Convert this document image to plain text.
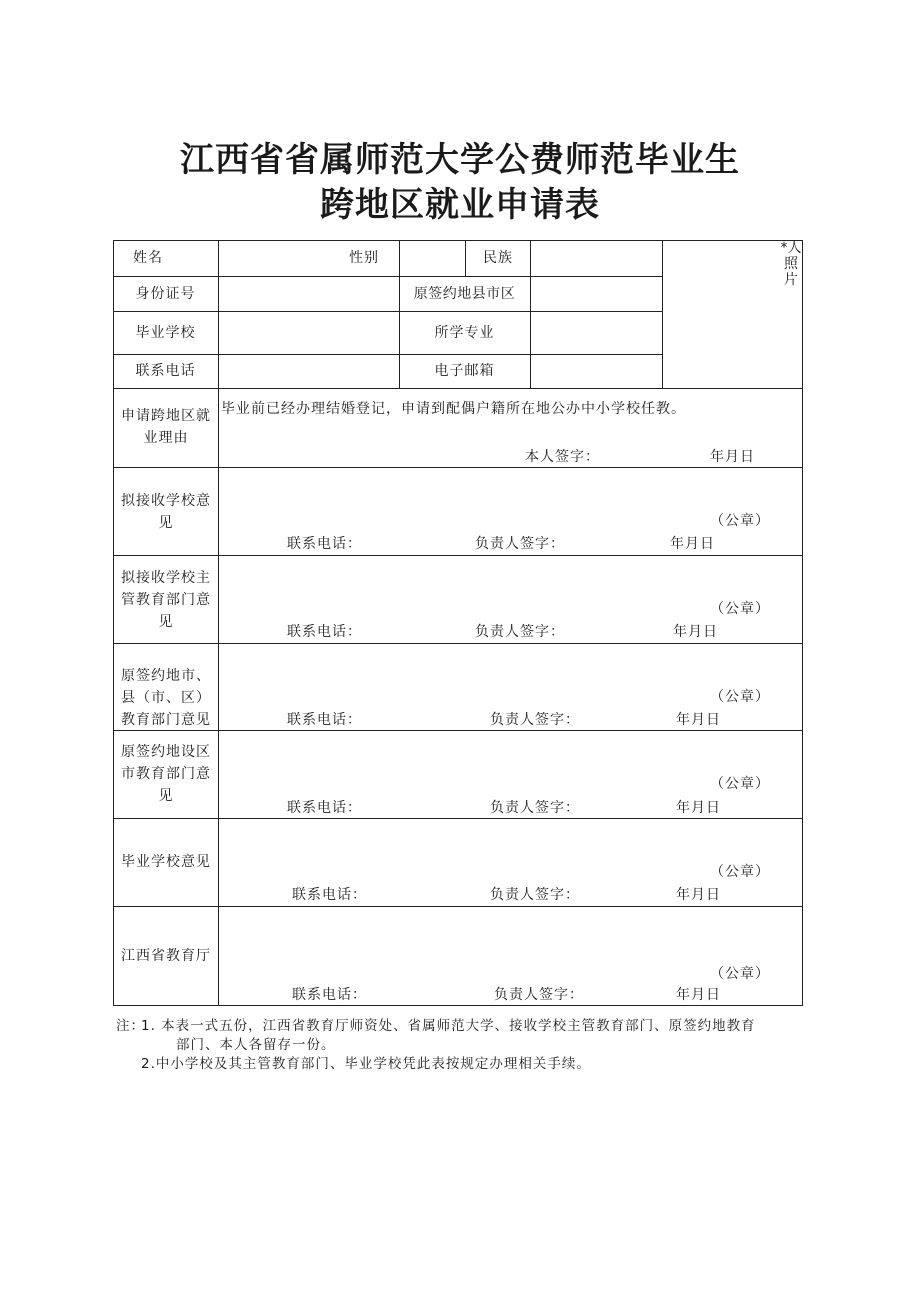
江西省省属师范大学公费师范毕业生
跨地区就业申请表
姓名	性别	民族
*人照片
身份证号	原签约地县市区
毕业学校	所学专业
联系电话	电子邮箱
申请跨地区就业理由
毕业前已经办理结婚登记，申请到配偶户籍所在地公办中小学校任教。
本人签字：	年月日
拟接收学校意见	（公章）
联系电话：	负责人签字：	年月日
拟接收学校主管教育部门意见
（公章）
联系电话：	负责人签字：	年月日
原签约地市、县（市、区）教育部门意见
（公章）
联系电话：	负责人签字：	年月日
原签约地设区市教育部门意见
（公章）
联系电话：	负责人签字：	年月日
毕业学校意见
（公章）
联系电话：	负责人签字：	年月日
江西省教育厅
（公章）
联系电话：	负责人签字：	年月日
注：
1. 本表一式五份，江西省教育厅师资处、省属师范大学、接收学校主管教育部门、原签约地教育
部门、本人各留存一份。
2.中小学校及其主管教育部门、毕业学校凭此表按规定办理相关手续。
